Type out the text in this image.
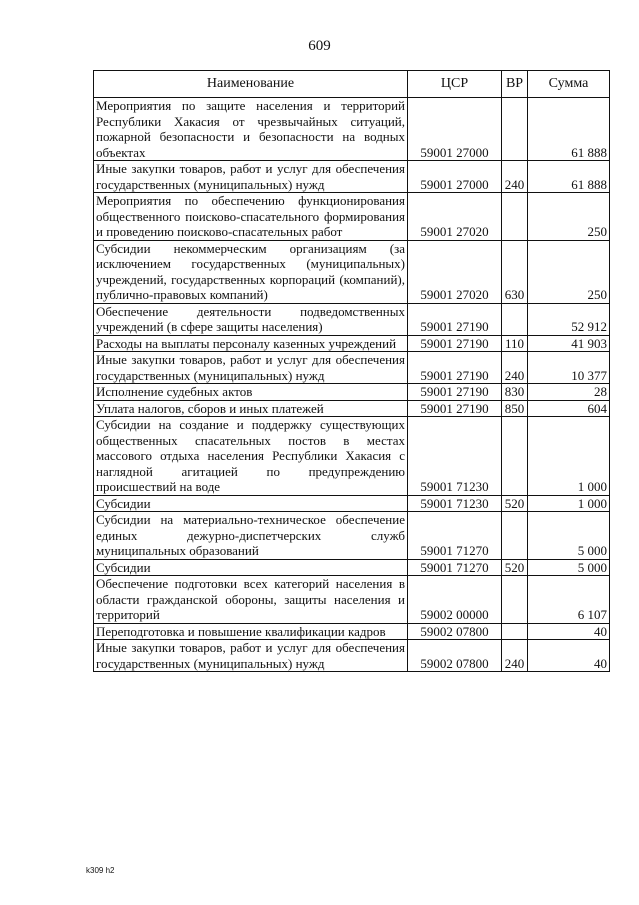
609
Наименование	ЦСР	ВР	Сумма
Мероприятия по защите населения и территорий Республики Хакасия от чрезвычайных ситуаций, пожарной безопасности и безопасности на водных объектах	59001 27000		61 888
Иные закупки товаров, работ и услуг для обеспечения государственных (муниципальных) нужд	59001 27000	240	61 888
Мероприятия по обеспечению функционирования общественного поисково-спасательного формирования и проведению поисково-спасательных работ	59001 27020		250
Субсидии некоммерческим организациям (за исключением государственных (муниципальных) учреждений, государственных корпораций (компаний), публично-правовых компаний)	59001 27020	630	250
Обеспечение деятельности подведомственных учреждений (в сфере защиты населения)	59001 27190		52 912
Расходы на выплаты персоналу казенных учреждений	59001 27190	110	41 903
Иные закупки товаров, работ и услуг для обеспечения государственных (муниципальных) нужд	59001 27190	240	10 377
Исполнение судебных актов	59001 27190	830	28
Уплата налогов, сборов и иных платежей	59001 27190	850	604
Субсидии на создание и поддержку существующих общественных спасательных постов в местах массового отдыха населения Республики Хакасия с наглядной агитацией по предупреждению происшествий на воде	59001 71230		1 000
Субсидии	59001 71230	520	1 000
Субсидии на материально-техническое обеспечение единых дежурно-диспетчерских служб муниципальных образований	59001 71270		5 000
Субсидии	59001 71270	520	5 000
Обеспечение подготовки всех категорий населения в области гражданской обороны, защиты населения и территорий	59002 00000		6 107
Переподготовка и повышение квалификации кадров	59002 07800		40
Иные закупки товаров, работ и услуг для обеспечения государственных (муниципальных) нужд	59002 07800	240	40
k309 h2
